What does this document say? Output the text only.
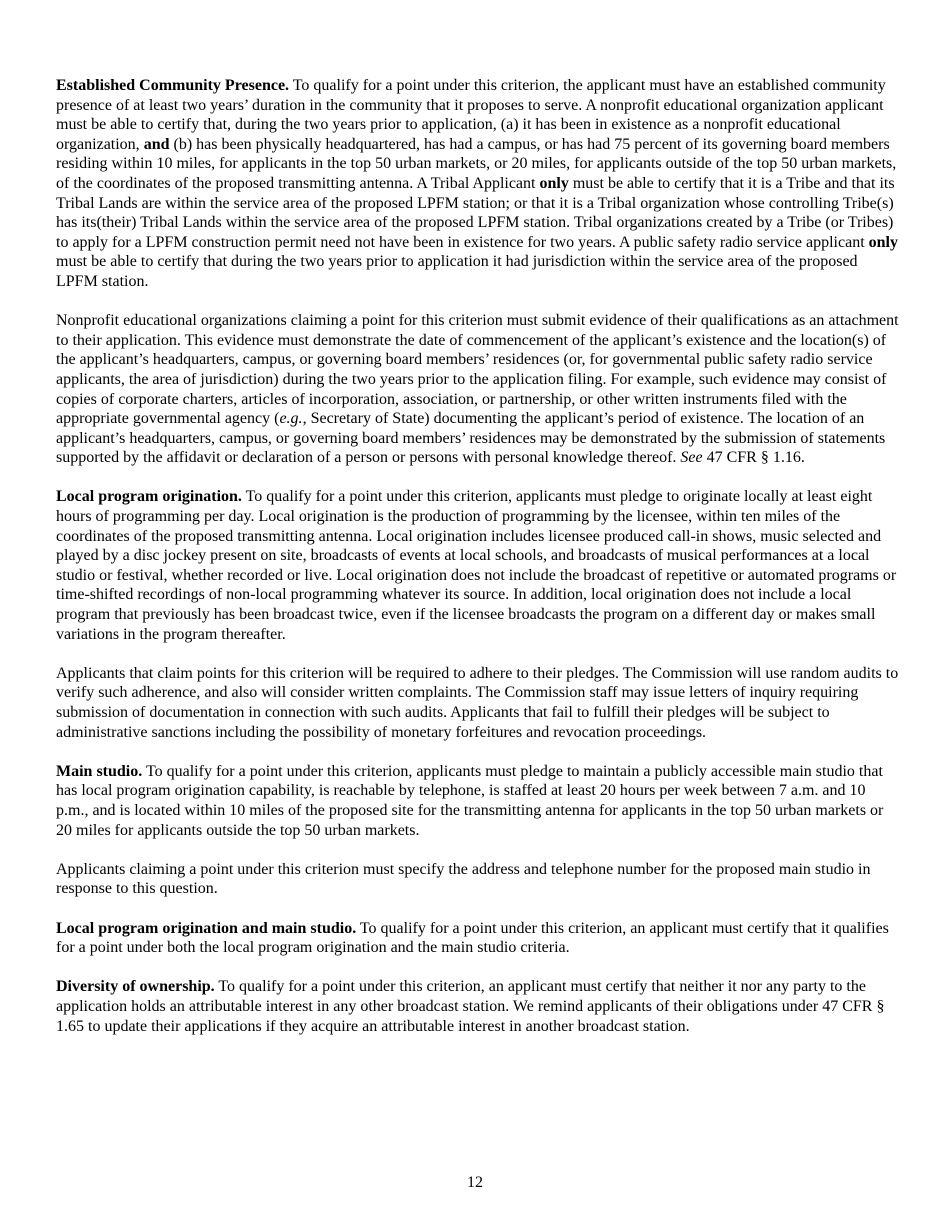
Established Community Presence. To qualify for a point under this criterion, the applicant must have an established community presence of at least two years’ duration in the community that it proposes to serve. A nonprofit educational organization applicant must be able to certify that, during the two years prior to application, (a) it has been in existence as a nonprofit educational organization, and (b) has been physically headquartered, has had a campus, or has had 75 percent of its governing board members residing within 10 miles, for applicants in the top 50 urban markets, or 20 miles, for applicants outside of the top 50 urban markets, of the coordinates of the proposed transmitting antenna. A Tribal Applicant only must be able to certify that it is a Tribe and that its Tribal Lands are within the service area of the proposed LPFM station; or that it is a Tribal organization whose controlling Tribe(s) has its(their) Tribal Lands within the service area of the proposed LPFM station. Tribal organizations created by a Tribe (or Tribes) to apply for a LPFM construction permit need not have been in existence for two years. A public safety radio service applicant only must be able to certify that during the two years prior to application it had jurisdiction within the service area of the proposed LPFM station.

Nonprofit educational organizations claiming a point for this criterion must submit evidence of their qualifications as an attachment to their application. This evidence must demonstrate the date of commencement of the applicant’s existence and the location(s) of the applicant’s headquarters, campus, or governing board members’ residences (or, for governmental public safety radio service applicants, the area of jurisdiction) during the two years prior to the application filing. For example, such evidence may consist of copies of corporate charters, articles of incorporation, association, or partnership, or other written instruments filed with the appropriate governmental agency (e.g., Secretary of State) documenting the applicant’s period of existence. The location of an applicant’s headquarters, campus, or governing board members’ residences may be demonstrated by the submission of statements supported by the affidavit or declaration of a person or persons with personal knowledge thereof. See 47 CFR § 1.16.

Local program origination. To qualify for a point under this criterion, applicants must pledge to originate locally at least eight hours of programming per day. Local origination is the production of programming by the licensee, within ten miles of the coordinates of the proposed transmitting antenna. Local origination includes licensee produced call-in shows, music selected and played by a disc jockey present on site, broadcasts of events at local schools, and broadcasts of musical performances at a local studio or festival, whether recorded or live. Local origination does not include the broadcast of repetitive or automated programs or time-shifted recordings of non-local programming whatever its source. In addition, local origination does not include a local program that previously has been broadcast twice, even if the licensee broadcasts the program on a different day or makes small variations in the program thereafter.

Applicants that claim points for this criterion will be required to adhere to their pledges. The Commission will use random audits to verify such adherence, and also will consider written complaints. The Commission staff may issue letters of inquiry requiring submission of documentation in connection with such audits. Applicants that fail to fulfill their pledges will be subject to administrative sanctions including the possibility of monetary forfeitures and revocation proceedings.

Main studio. To qualify for a point under this criterion, applicants must pledge to maintain a publicly accessible main studio that has local program origination capability, is reachable by telephone, is staffed at least 20 hours per week between 7 a.m. and 10 p.m., and is located within 10 miles of the proposed site for the transmitting antenna for applicants in the top 50 urban markets or 20 miles for applicants outside the top 50 urban markets.

Applicants claiming a point under this criterion must specify the address and telephone number for the proposed main studio in response to this question.

Local program origination and main studio. To qualify for a point under this criterion, an applicant must certify that it qualifies for a point under both the local program origination and the main studio criteria.

Diversity of ownership. To qualify for a point under this criterion, an applicant must certify that neither it nor any party to the application holds an attributable interest in any other broadcast station. We remind applicants of their obligations under 47 CFR § 1.65 to update their applications if they acquire an attributable interest in another broadcast station.

12
